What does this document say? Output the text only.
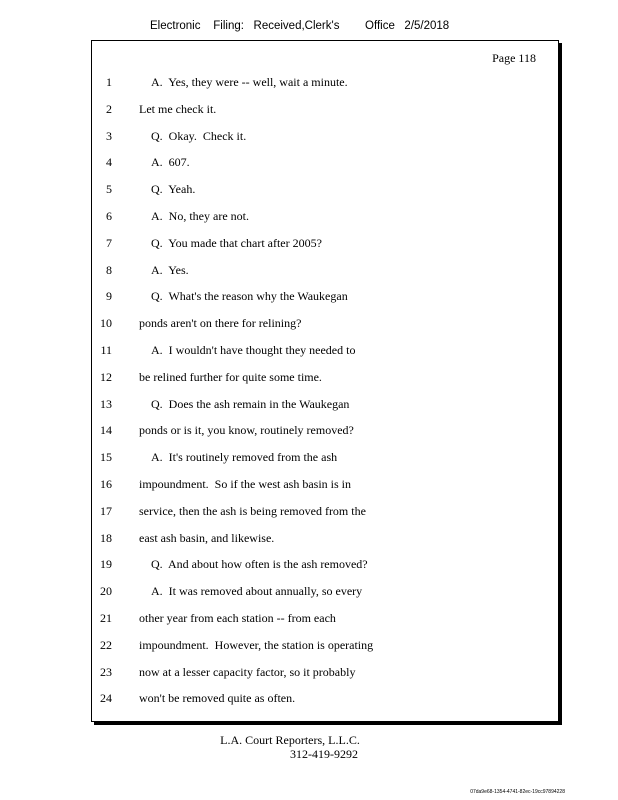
Electronic    Filing:   Received,Clerk's        Office   2/5/2018
Page 118
1	A.  Yes, they were -- well, wait a minute.
2 Let me check it.
3	Q.  Okay.  Check it.
4	A.  607.
5	Q.  Yeah.
6	A.  No, they are not.
7	Q.  You made that chart after 2005?
8	A.  Yes.
9	Q.  What's the reason why the Waukegan
10 ponds aren't on there for relining?
11	A.  I wouldn't have thought they needed to
12 be relined further for quite some time.
13	Q.  Does the ash remain in the Waukegan
14 ponds or is it, you know, routinely removed?
15	A.  It's routinely removed from the ash
16 impoundment.  So if the west ash basin is in
17 service, then the ash is being removed from the
18 east ash basin, and likewise.
19	Q.  And about how often is the ash removed?
20	A.  It was removed about annually, so every
21 other year from each station -- from each
22 impoundment.  However, the station is operating
23 now at a lesser capacity factor, so it probably
24 won't be removed quite as often.
L.A. Court Reporters, L.L.C.
312-419-9292
07da9e68-1354-4741-82ec-19cc97894228
